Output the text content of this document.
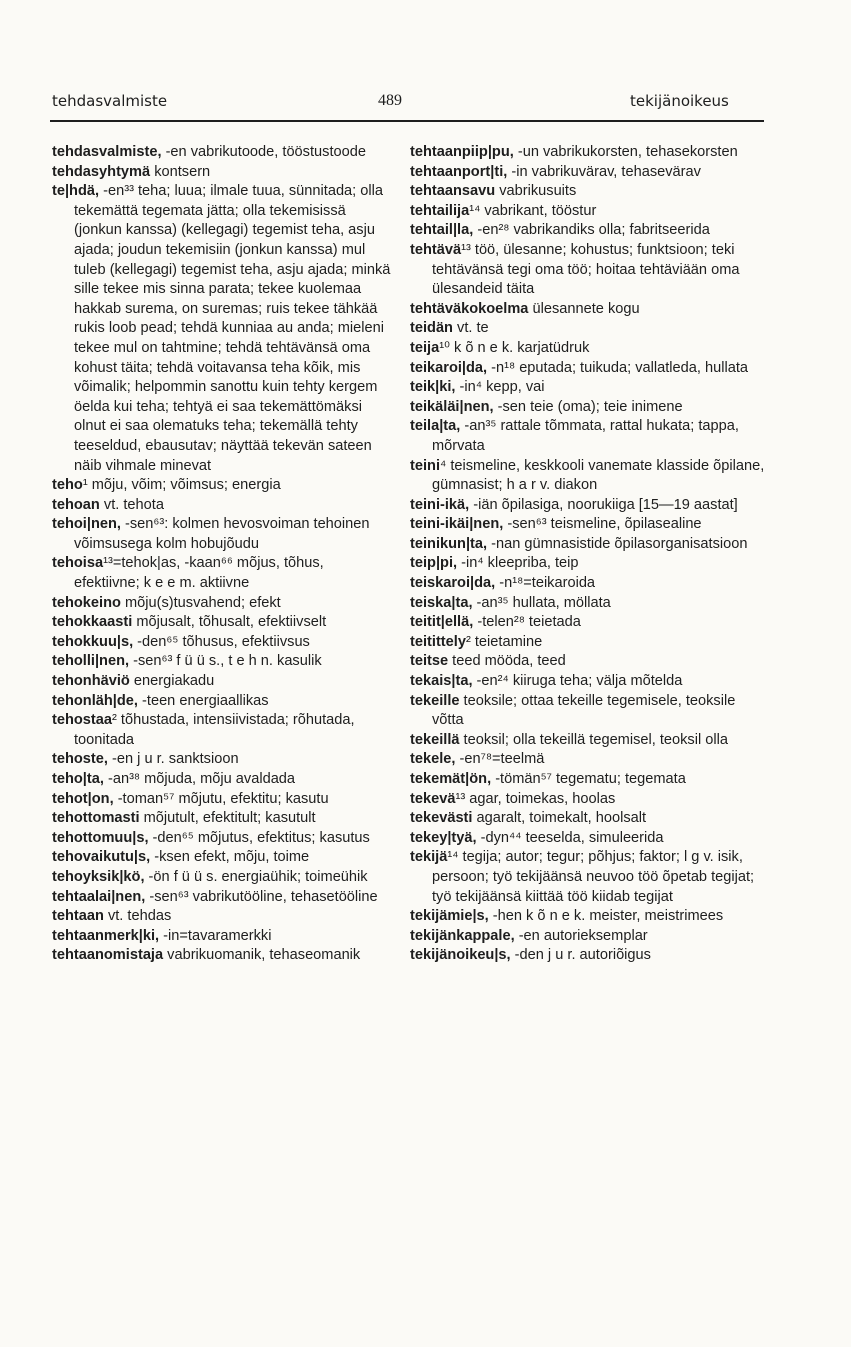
tehdasvalmiste	489	tekijänoikeus

tehdasvalmiste, -en vabrikutoode, tööstustoode

tehdasyhtymä kontsern

te|hdä, -en³³ teha; luua; ilmale tuua, sünnitada; olla tekemättä tegemata jätta; olla tekemisissä (jonkun kanssa) (kellegagi) tegemist teha, asju ajada; joudun tekemisiin (jonkun kanssa) mul tuleb (kellegagi) tegemist teha, asju ajada; minkä sille tekee mis sinna parata; tekee kuolemaa hakkab surema, on suremas; ruis tekee tähkää rukis loob pead; tehdä kunniaa au anda; mieleni tekee mul on tahtmine; tehdä tehtävänsä oma kohust täita; tehdä voitavansa teha kõik, mis võimalik; helpommin sanottu kuin tehty kergem öelda kui teha; tehtyä ei saa tekemättömäksi olnut ei saa olematuks teha; tekemällä tehty teeseldud, ebausutav; näyttää tekevän sateen näib vihmale minevat

teho¹ mõju, võim; võimsus; energia

tehoan vt. tehota

tehoi|nen, -sen⁶³: kolmen hevosvoiman tehoinen võimsusega kolm hobujõudu

tehoisa¹³=tehok|as, -kaan⁶⁶ mõjus, tõhus, efektiivne; k e e m. aktiivne

tehokeino mõju(s)tusvahend; efekt

tehokkaasti mõjusalt, tõhusalt, efektiivselt

tehokkuu|s, -den⁶⁵ tõhusus, efektiivsus

teholli|nen, -sen⁶³ f ü ü s., t e h n. kasulik

tehonhäviö energiakadu

tehonläh|de, -teen energiaallikas

tehostaa² tõhustada, intensiivistada; rõhutada, toonitada

tehoste, -en j u r. sanktsioon

teho|ta, -an³⁸ mõjuda, mõju avaldada

tehot|on, -toman⁵⁷ mõjutu, efektitu; kasutu

tehottomasti mõjutult, efektitult; kasutult

tehottomuu|s, -den⁶⁵ mõjutus, efektitus; kasutus

tehovaikutu|s, -ksen efekt, mõju, toime

tehoyksik|kö, -ön f ü ü s. energiaühik; toimeühik

tehtaalai|nen, -sen⁶³ vabrikutööline, tehasetööline

tehtaan vt. tehdas

tehtaanmerk|ki, -in=tavaramerkki

tehtaanomistaja vabrikuomanik, tehaseomanik

tehtaanpiip|pu, -un vabrikukorsten, tehasekorsten

tehtaanport|ti, -in vabrikuvärav, tehasevärav

tehtaansavu vabrikusuits

tehtailija¹⁴ vabrikant, tööstur

tehtail|la, -en²⁸ vabrikandiks olla; fabritseerida

tehtävä¹³ töö, ülesanne; kohustus; funktsioon; teki tehtävänsä tegi oma töö; hoitaa tehtäviään oma ülesandeid täita

tehtäväkokoelma ülesannete kogu

teidän vt. te

teija¹⁰ k õ n e k. karjatüdruk

teikaroi|da, -n¹⁸ eputada; tuikuda; vallatleda, hullata

teik|ki, -in⁴ kepp, vai

teikäläi|nen, -sen teie (oma); teie inimene

teila|ta, -an³⁵ rattale tõmmata, rattal hukata; tappa, mõrvata

teini⁴ teismeline, keskkooli vanemate klasside õpilane, gümnasist; h a r v. diakon

teini-ikä, -iän õpilasiga, noorukiiga [15—19 aastat]

teini-ikäi|nen, -sen⁶³ teismeline, õpilasealine

teinikun|ta, -nan gümnasistide õpilasorganisatsioon

teip|pi, -in⁴ kleepriba, teip

teiskaroi|da, -n¹⁸=teikaroida

teiska|ta, -an³⁵ hullata, möllata

teitit|ellä, -telen²⁸ teietada

teitittely² teietamine

teitse teed mööda, teed

tekais|ta, -en²⁴ kiiruga teha; välja mõtelda

tekeille teoksile; ottaa tekeille tegemisele, teoksile võtta

tekeillä teoksil; olla tekeillä tegemisel, teoksil olla

tekele, -en⁷⁸=teelmä

tekemät|ön, -tömän⁵⁷ tegematu; tegemata

tekevä¹³ agar, toimekas, hoolas

tekevästi agaralt, toimekalt, hoolsalt

tekey|tyä, -dyn⁴⁴ teeselda, simuleerida

tekijä¹⁴ tegija; autor; tegur; põhjus; faktor; l g v. isik, persoon; työ tekijäänsä neuvoo töö õpetab tegijat; työ tekijäänsä kiittää töö kiidab tegijat

tekijämie|s, -hen k õ n e k. meister, meistrimees

tekijänkappale, -en autorieksemplar

tekijänoikeu|s, -den j u r. autoriõigus
